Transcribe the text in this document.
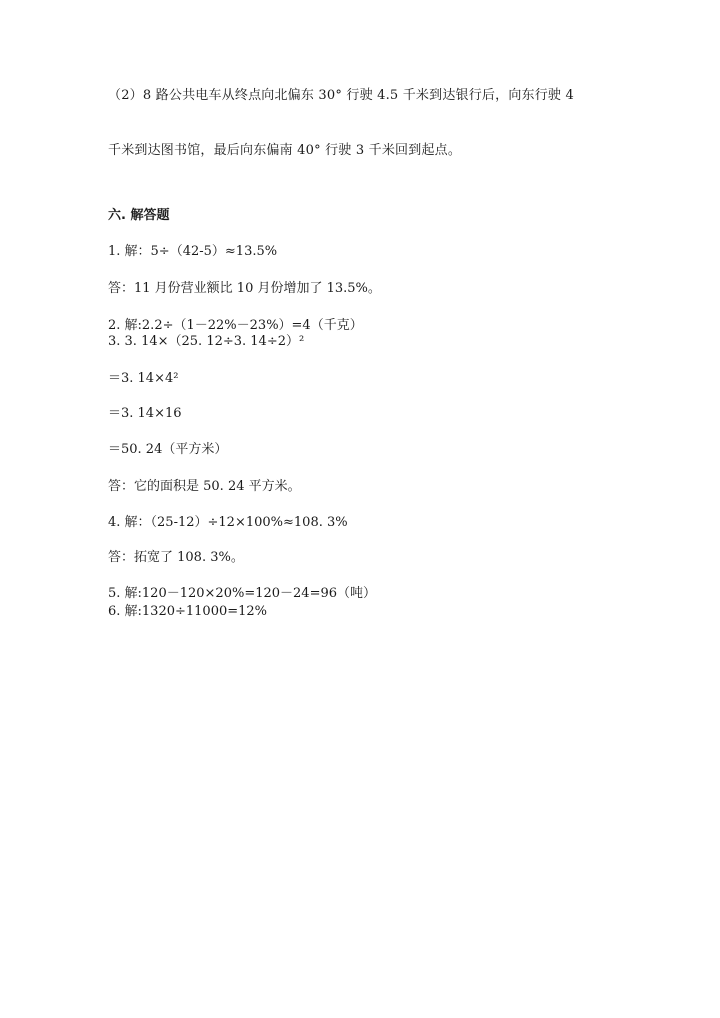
（2）8 路公共电车从终点向北偏东 30° 行驶 4.5 千米到达银行后，向东行驶 4
千米到达图书馆，最后向东偏南 40° 行驶 3 千米回到起点。
六. 解答题
1. 解：5÷（42-5）≈13.5%
答：11 月份营业额比 10 月份增加了 13.5%。
2. 解:2.2÷（1－22%－23%）=4（千克）
3. 3. 14×（25. 12÷3. 14÷2）²
＝3. 14×4²
＝3. 14×16
＝50. 24（平方米）
答：它的面积是 50. 24 平方米。
4. 解：（25-12）÷12×100%≈108. 3%
答：拓宽了 108. 3%。
5. 解:120－120×20%=120－24=96（吨）
6. 解:1320÷11000=12%
